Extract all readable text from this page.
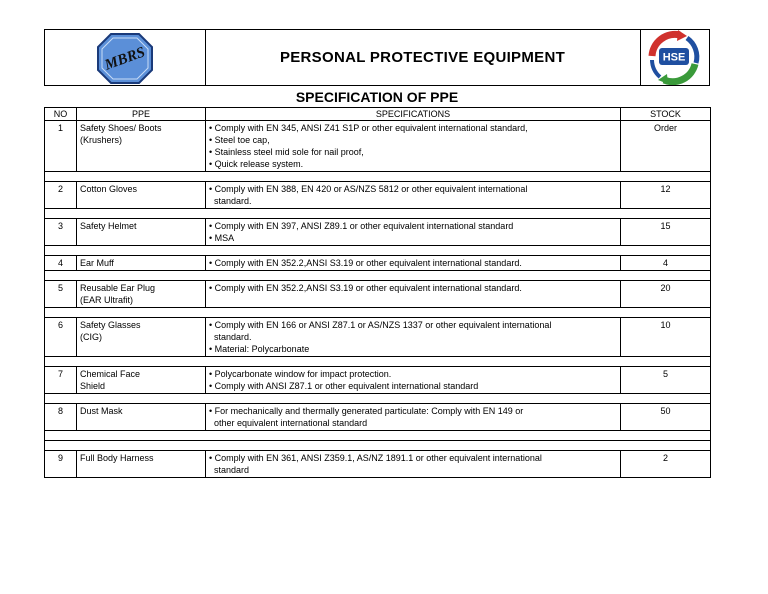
MBRS	PERSONAL PROTECTIVE EQUIPMENT	HSE
SPECIFICATION OF PPE
NO	PPE	SPECIFICATIONS	STOCK
1	Safety Shoes/ Boots
(Krushers)	• Comply with EN 345, ANSI Z41 S1P or other equivalent international standard,
• Steel toe cap,
• Stainless steel mid sole for nail proof,
• Quick release system.	Order

2	Cotton Gloves	• Comply with EN 388, EN 420 or AS/NZS 5812 or other equivalent international
standard.	12

3	Safety Helmet	• Comply with EN 397, ANSI Z89.1 or other equivalent international standard
• MSA	15

4	Ear Muff	• Comply with EN 352.2,ANSI S3.19 or other equivalent international standard.	4

5	Reusable Ear Plug
(EAR Ultrafit)	• Comply with EN 352.2,ANSI S3.19 or other equivalent international standard.	20

6	Safety Glasses
(CIG)	• Comply with EN 166 or ANSI Z87.1 or AS/NZS 1337 or other equivalent international
standard.
• Material: Polycarbonate	10

7	Chemical Face
Shield	• Polycarbonate window for impact protection.
• Comply with ANSI Z87.1 or other equivalent international standard	5

8	Dust Mask	• For mechanically and thermally generated particulate: Comply with EN 149 or
other equivalent international standard	50

9	Full Body Harness	• Comply with EN 361, ANSI Z359.1, AS/NZ 1891.1 or other equivalent international
standard	2
